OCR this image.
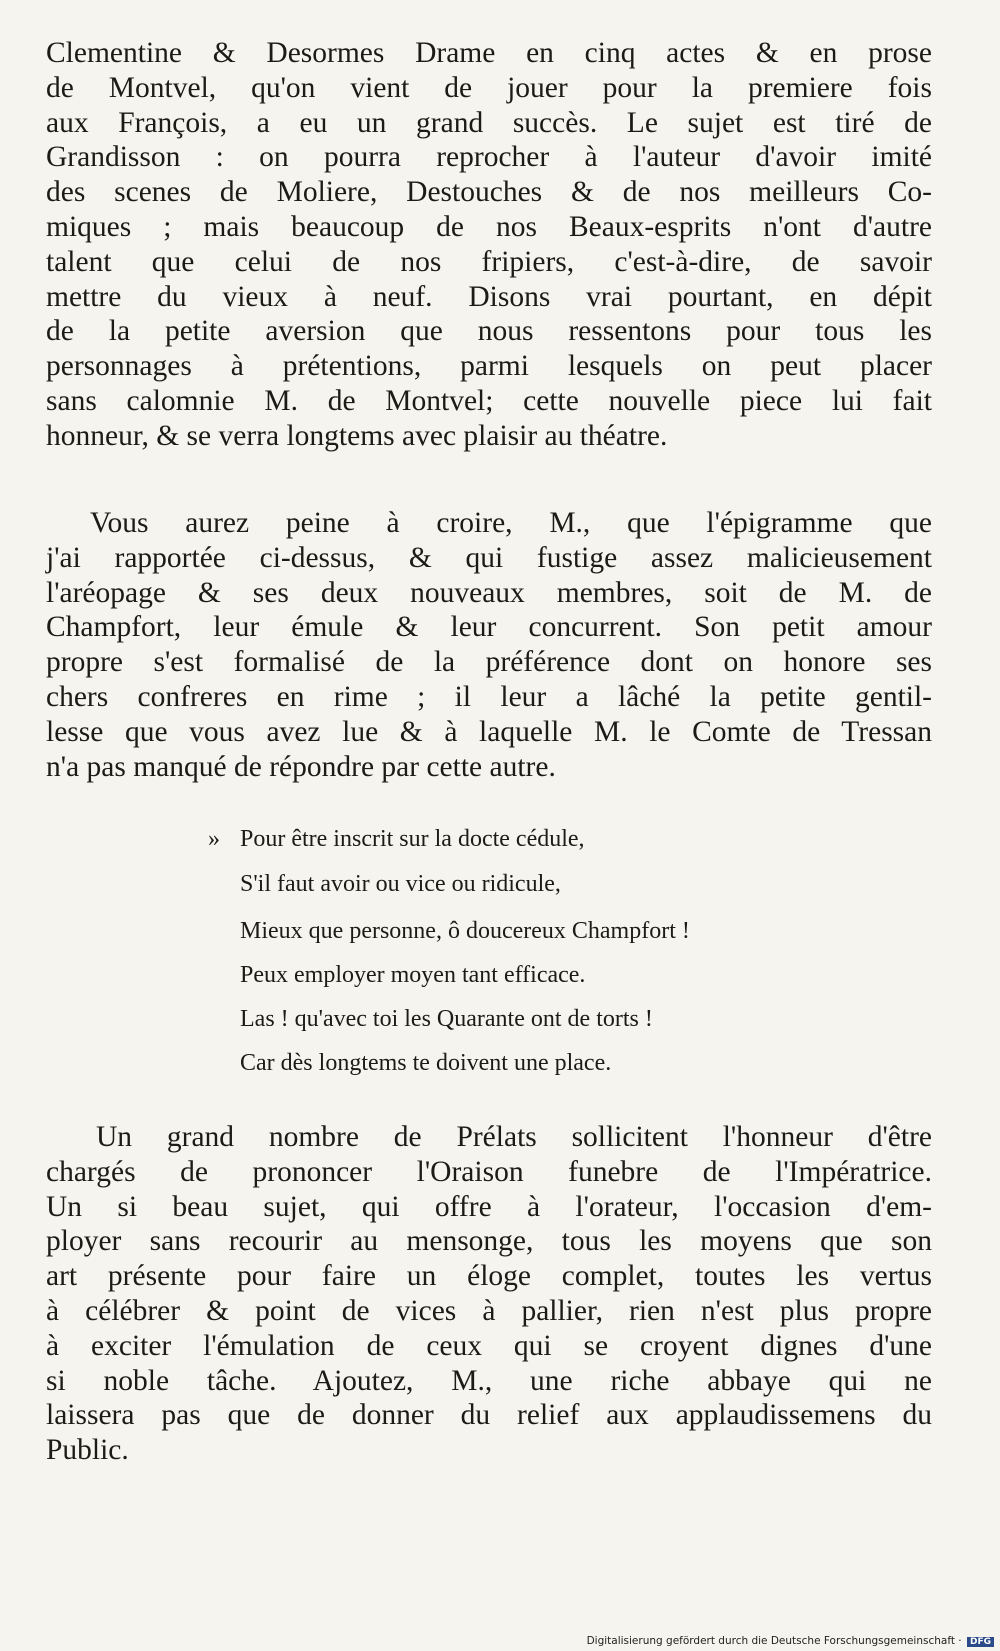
Clementine & Desormes Drame en cinq actes & en prose
de Montvel, qu'on vient de jouer pour la premiere fois
aux François, a eu un grand succès. Le sujet est tiré de
Grandisson : on pourra reprocher à l'auteur d'avoir imité
des scenes de Moliere, Destouches & de nos meilleurs Co-
miques ; mais beaucoup de nos Beaux-esprits n'ont d'autre
talent que celui de nos fripiers, c'est-à-dire, de savoir
mettre du vieux à neuf. Disons vrai pourtant, en dépit
de la petite aversion que nous ressentons pour tous les
personnages à prétentions, parmi lesquels on peut placer
sans calomnie M. de Montvel; cette nouvelle piece lui fait
honneur, & se verra longtems avec plaisir au théatre.
Vous aurez peine à croire, M., que l'épigramme que
j'ai rapportée ci-dessus, & qui fustige assez malicieusement
l'aréopage & ses deux nouveaux membres, soit de M. de
Champfort, leur émule & leur concurrent. Son petit amour
propre s'est formalisé de la préférence dont on honore ses
chers confreres en rime ; il leur a lâché la petite gentil-
lesse que vous avez lue & à laquelle M. le Comte de Tressan
n'a pas manqué de répondre par cette autre.
» Pour être inscrit sur la docte cédule,
S'il faut avoir ou vice ou ridicule,
Mieux que personne, ô doucereux Champfort !
Peux employer moyen tant efficace.
Las ! qu'avec toi les Quarante ont de torts !
Car dès longtems te doivent une place.
Un grand nombre de Prélats sollicitent l'honneur d'être
chargés de prononcer l'Oraison funebre de l'Impératrice.
Un si beau sujet, qui offre à l'orateur, l'occasion d'em-
ployer sans recourir au mensonge, tous les moyens que son
art présente pour faire un éloge complet, toutes les vertus
à célébrer & point de vices à pallier, rien n'est plus propre
à exciter l'émulation de ceux qui se croyent dignes d'une
si noble tâche. Ajoutez, M., une riche abbaye qui ne
laissera pas que de donner du relief aux applaudissemens du
Public.
Digitalisierung gefördert durch die Deutsche Forschungsgemeinschaft · DFG
